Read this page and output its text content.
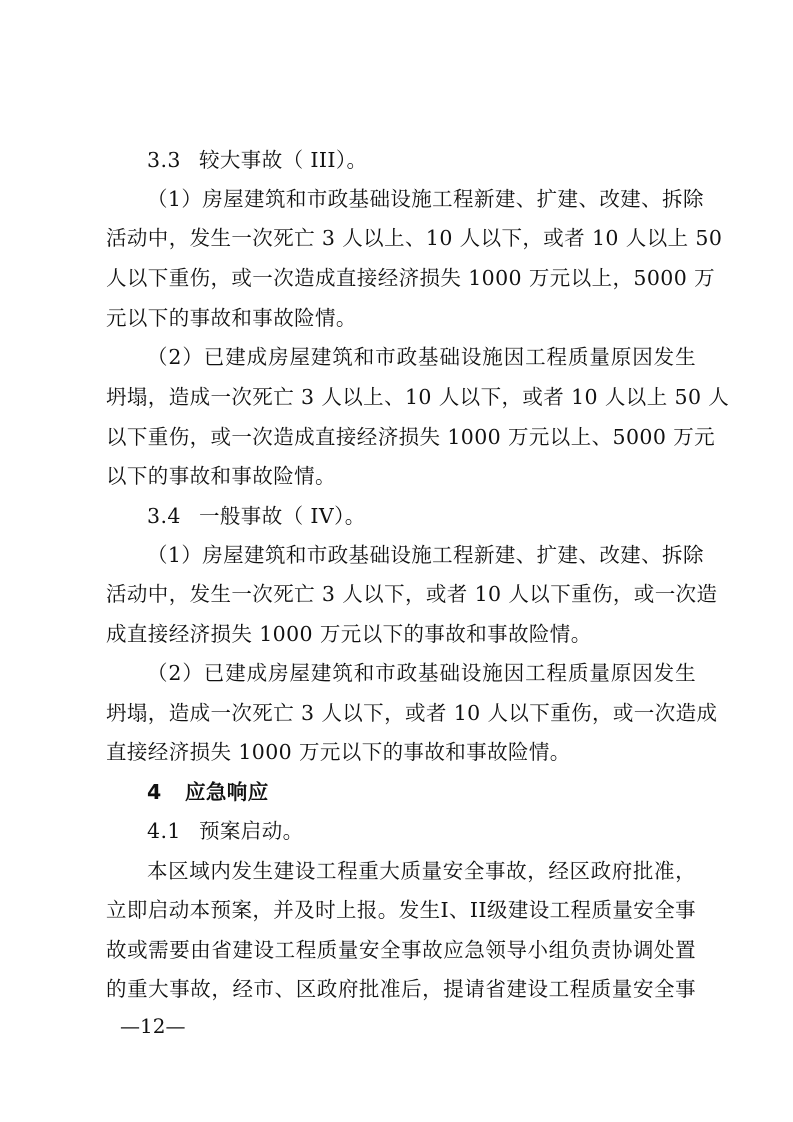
3.3 较大事故（ III）。
（1）房屋建筑和市政基础设施工程新建、扩建、改建、拆除
活动中，发生一次死亡 3 人以上、10 人以下，或者 10 人以上 50
人以下重伤，或一次造成直接经济损失 1000 万元以上，5000 万
元以下的事故和事故险情。
（2）已建成房屋建筑和市政基础设施因工程质量原因发生
坍塌，造成一次死亡 3 人以上、10 人以下，或者 10 人以上 50 人
以下重伤，或一次造成直接经济损失 1000 万元以上、5000 万元
以下的事故和事故险情。
3.4 一般事故（ IV）。
（1）房屋建筑和市政基础设施工程新建、扩建、改建、拆除
活动中，发生一次死亡 3 人以下，或者 10 人以下重伤，或一次造
成直接经济损失 1000 万元以下的事故和事故险情。
（2）已建成房屋建筑和市政基础设施因工程质量原因发生
坍塌，造成一次死亡 3 人以下，或者 10 人以下重伤，或一次造成
直接经济损失 1000 万元以下的事故和事故险情。
4 应急响应
4.1 预案启动。
本区域内发生建设工程重大质量安全事故，经区政府批准，
立即启动本预案，并及时上报。发生I、II级建设工程质量安全事
故或需要由省建设工程质量安全事故应急领导小组负责协调处置
的重大事故，经市、区政府批准后，提请省建设工程质量安全事
—12—
